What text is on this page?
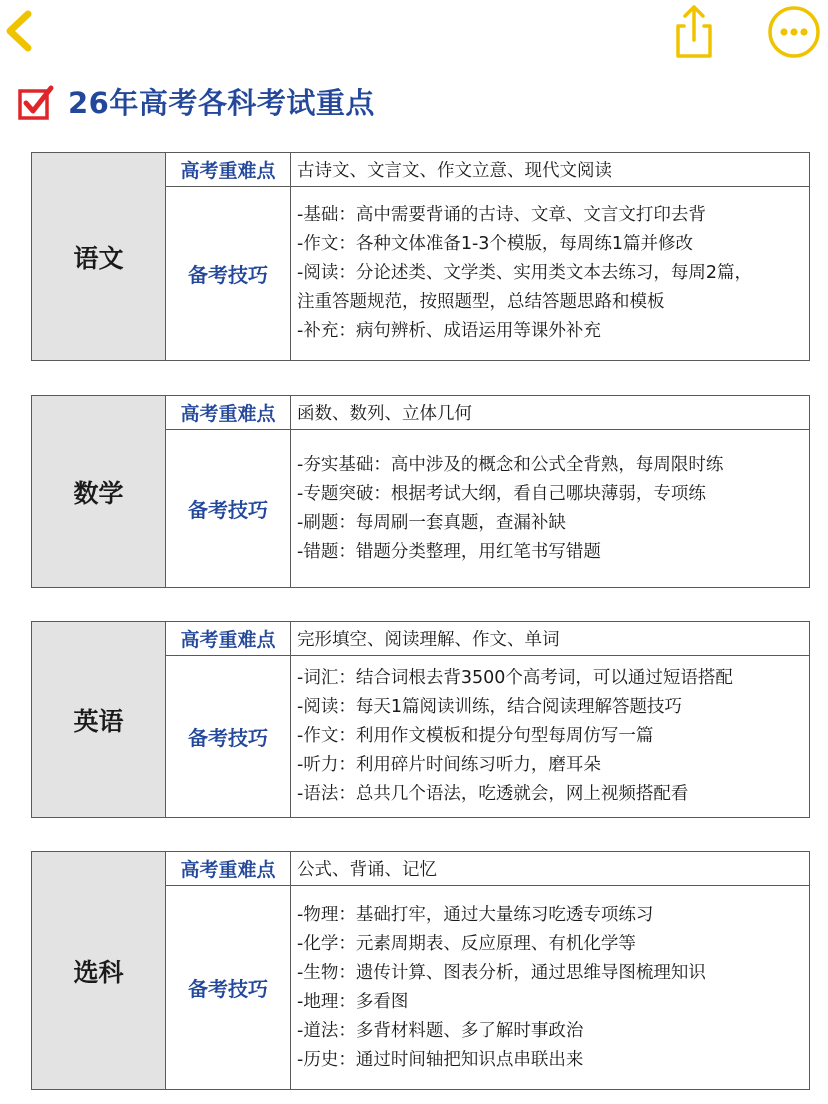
26年高考各科考试重点
语文
高考重难点	古诗文、文言文、作文立意、现代文阅读
备考技巧
-基础：高中需要背诵的古诗、文章、文言文打印去背
-作文：各种文体准备1-3个模版，每周练1篇并修改
-阅读：分论述类、文学类、实用类文本去练习，每周2篇，
注重答题规范，按照题型，总结答题思路和模板
-补充：病句辨析、成语运用等课外补充
数学
高考重难点	函数、数列、立体几何
备考技巧
-夯实基础：高中涉及的概念和公式全背熟，每周限时练
-专题突破：根据考试大纲，看自己哪块薄弱，专项练
-刷题：每周刷一套真题，查漏补缺
-错题：错题分类整理，用红笔书写错题
英语
高考重难点	完形填空、阅读理解、作文、单词
备考技巧
-词汇：结合词根去背3500个高考词，可以通过短语搭配
-阅读：每天1篇阅读训练，结合阅读理解答题技巧
-作文：利用作文模板和提分句型每周仿写一篇
-听力：利用碎片时间练习听力，磨耳朵
-语法：总共几个语法，吃透就会，网上视频搭配看
选科
高考重难点	公式、背诵、记忆
备考技巧
-物理：基础打牢，通过大量练习吃透专项练习
-化学：元素周期表、反应原理、有机化学等
-生物：遗传计算、图表分析，通过思维导图梳理知识
-地理：多看图
-道法：多背材料题、多了解时事政治
-历史：通过时间轴把知识点串联出来
